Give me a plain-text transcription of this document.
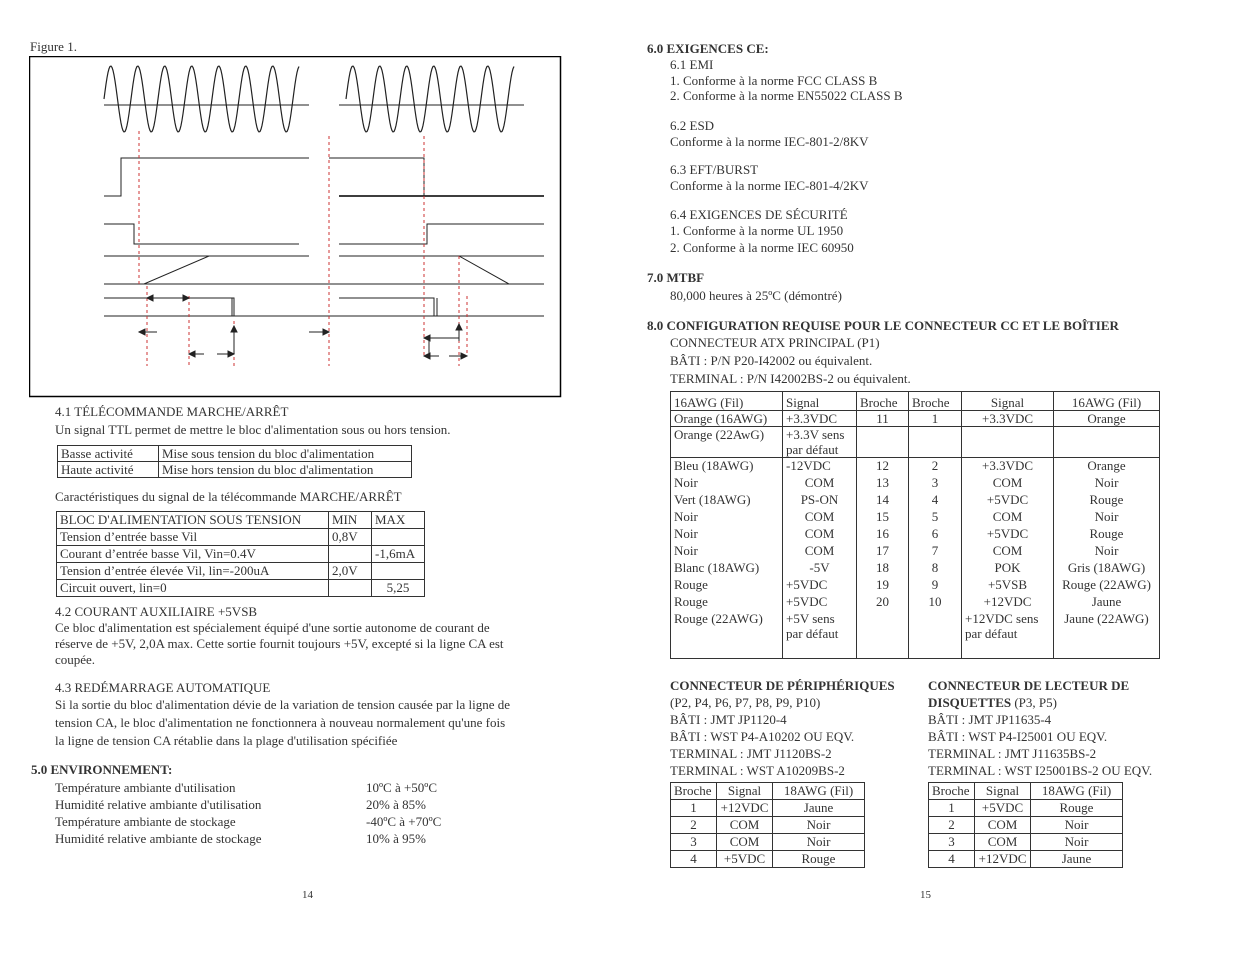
Figure 1.
4.1 TÉLÉCOMMANDE MARCHE/ARRÊT
Un signal TTL permet de mettre le bloc d'alimentation sous ou hors tension.
Basse activité	Mise sous tension du bloc d'alimentation
Haute activité	Mise hors tension du bloc d'alimentation
Caractéristiques du signal de la télécommande MARCHE/ARRÊT
BLOC D'ALIMENTATION SOUS TENSION	MIN	MAX
Tension d’entrée basse Vil	0,8V	
Courant d’entrée basse Vil, Vin=0.4V		-1,6mA
Tension d’entrée élevée Vil, lin=-200uA	2,0V	
Circuit ouvert, lin=0		5,25
4.2 COURANT AUXILIAIRE +5VSB
Ce bloc d'alimentation est spécialement équipé d'une sortie autonome de courant de
réserve de +5V, 2,0A max. Cette sortie fournit toujours +5V, excepté si la ligne CA est
coupée.
4.3 REDÉMARRAGE AUTOMATIQUE
Si la sortie du bloc d'alimentation dévie de la variation de tension causée par la ligne de
tension CA, le bloc d'alimentation ne fonctionnera à nouveau normalement qu'une fois
5.0 ENVIRONNEMENT:
la ligne de tension CA rétablie dans la plage d'utilisation spécifiée
Température ambiante d'utilisation	10ºC à +50ºC
Humidité relative ambiante d'utilisation	20% à 85%
Température ambiante de stockage	-40ºC à +70ºC
Humidité relative ambiante de stockage	10% à 95%
14
6.0 EXIGENCES CE:
6.1 EMI
1. Conforme à la norme FCC CLASS B
2. Conforme à la norme EN55022 CLASS B
6.2 ESD
Conforme à la norme IEC-801-2/8KV
6.3 EFT/BURST
Conforme à la norme IEC-801-4/2KV
6.4 EXIGENCES DE SÉCURITÉ
1. Conforme à la norme UL 1950
2. Conforme à la norme IEC 60950
7.0 MTBF
80,000 heures à 25ºC (démontré)
8.0 CONFIGURATION REQUISE POUR LE CONNECTEUR CC ET LE BOÎTIER
CONNECTEUR ATX PRINCIPAL (P1)
BÂTI : P/N P20-I42002 ou équivalent.
TERMINAL : P/N I42002BS-2 ou équivalent.
16AWG (Fil)	Signal	Broche	Broche	Signal	16AWG (Fil)
Orange (16AWG)	+3.3VDC	11	1	+3.3VDC	Orange
Orange (22AwG)	+3.3V sens par défaut				
Bleu (18AWG)	-12VDC	12	2	+3.3VDC	Orange
Noir	COM	13	3	COM	Noir
Vert (18AWG)	PS-ON	14	4	+5VDC	Rouge
Noir	COM	15	5	COM	Noir
Noir	COM	16	6	+5VDC	Rouge
Noir	COM	17	7	COM	Noir
Blanc (18AWG)	-5V	18	8	POK	Gris (18AWG)
Rouge	+5VDC	19	9	+5VSB	Rouge (22AWG)
Rouge	+5VDC	20	10	+12VDC	Jaune
Rouge (22AWG)	+5V sens par défaut			+12VDC sens par défaut	Jaune (22AWG)
CONNECTEUR DE PÉRIPHÉRIQUES
(P2, P4, P6, P7, P8, P9, P10)
BÂTI : JMT JP1120-4
BÂTI : WST P4-A10202 OU EQV.
TERMINAL : JMT J1120BS-2
TERMINAL : WST A10209BS-2
Broche	Signal	18AWG (Fil)
1	+12VDC	Jaune
2	COM	Noir
3	COM	Noir
4	+5VDC	Rouge
CONNECTEUR DE LECTEUR DE
DISQUETTES (P3, P5)
BÂTI : JMT JP11635-4
BÂTI : WST P4-I25001 OU EQV.
TERMINAL : JMT J11635BS-2
TERMINAL : WST I25001BS-2 OU EQV.
Broche	Signal	18AWG (Fil)
1	+5VDC	Rouge
2	COM	Noir
3	COM	Noir
4	+12VDC	Jaune
15
